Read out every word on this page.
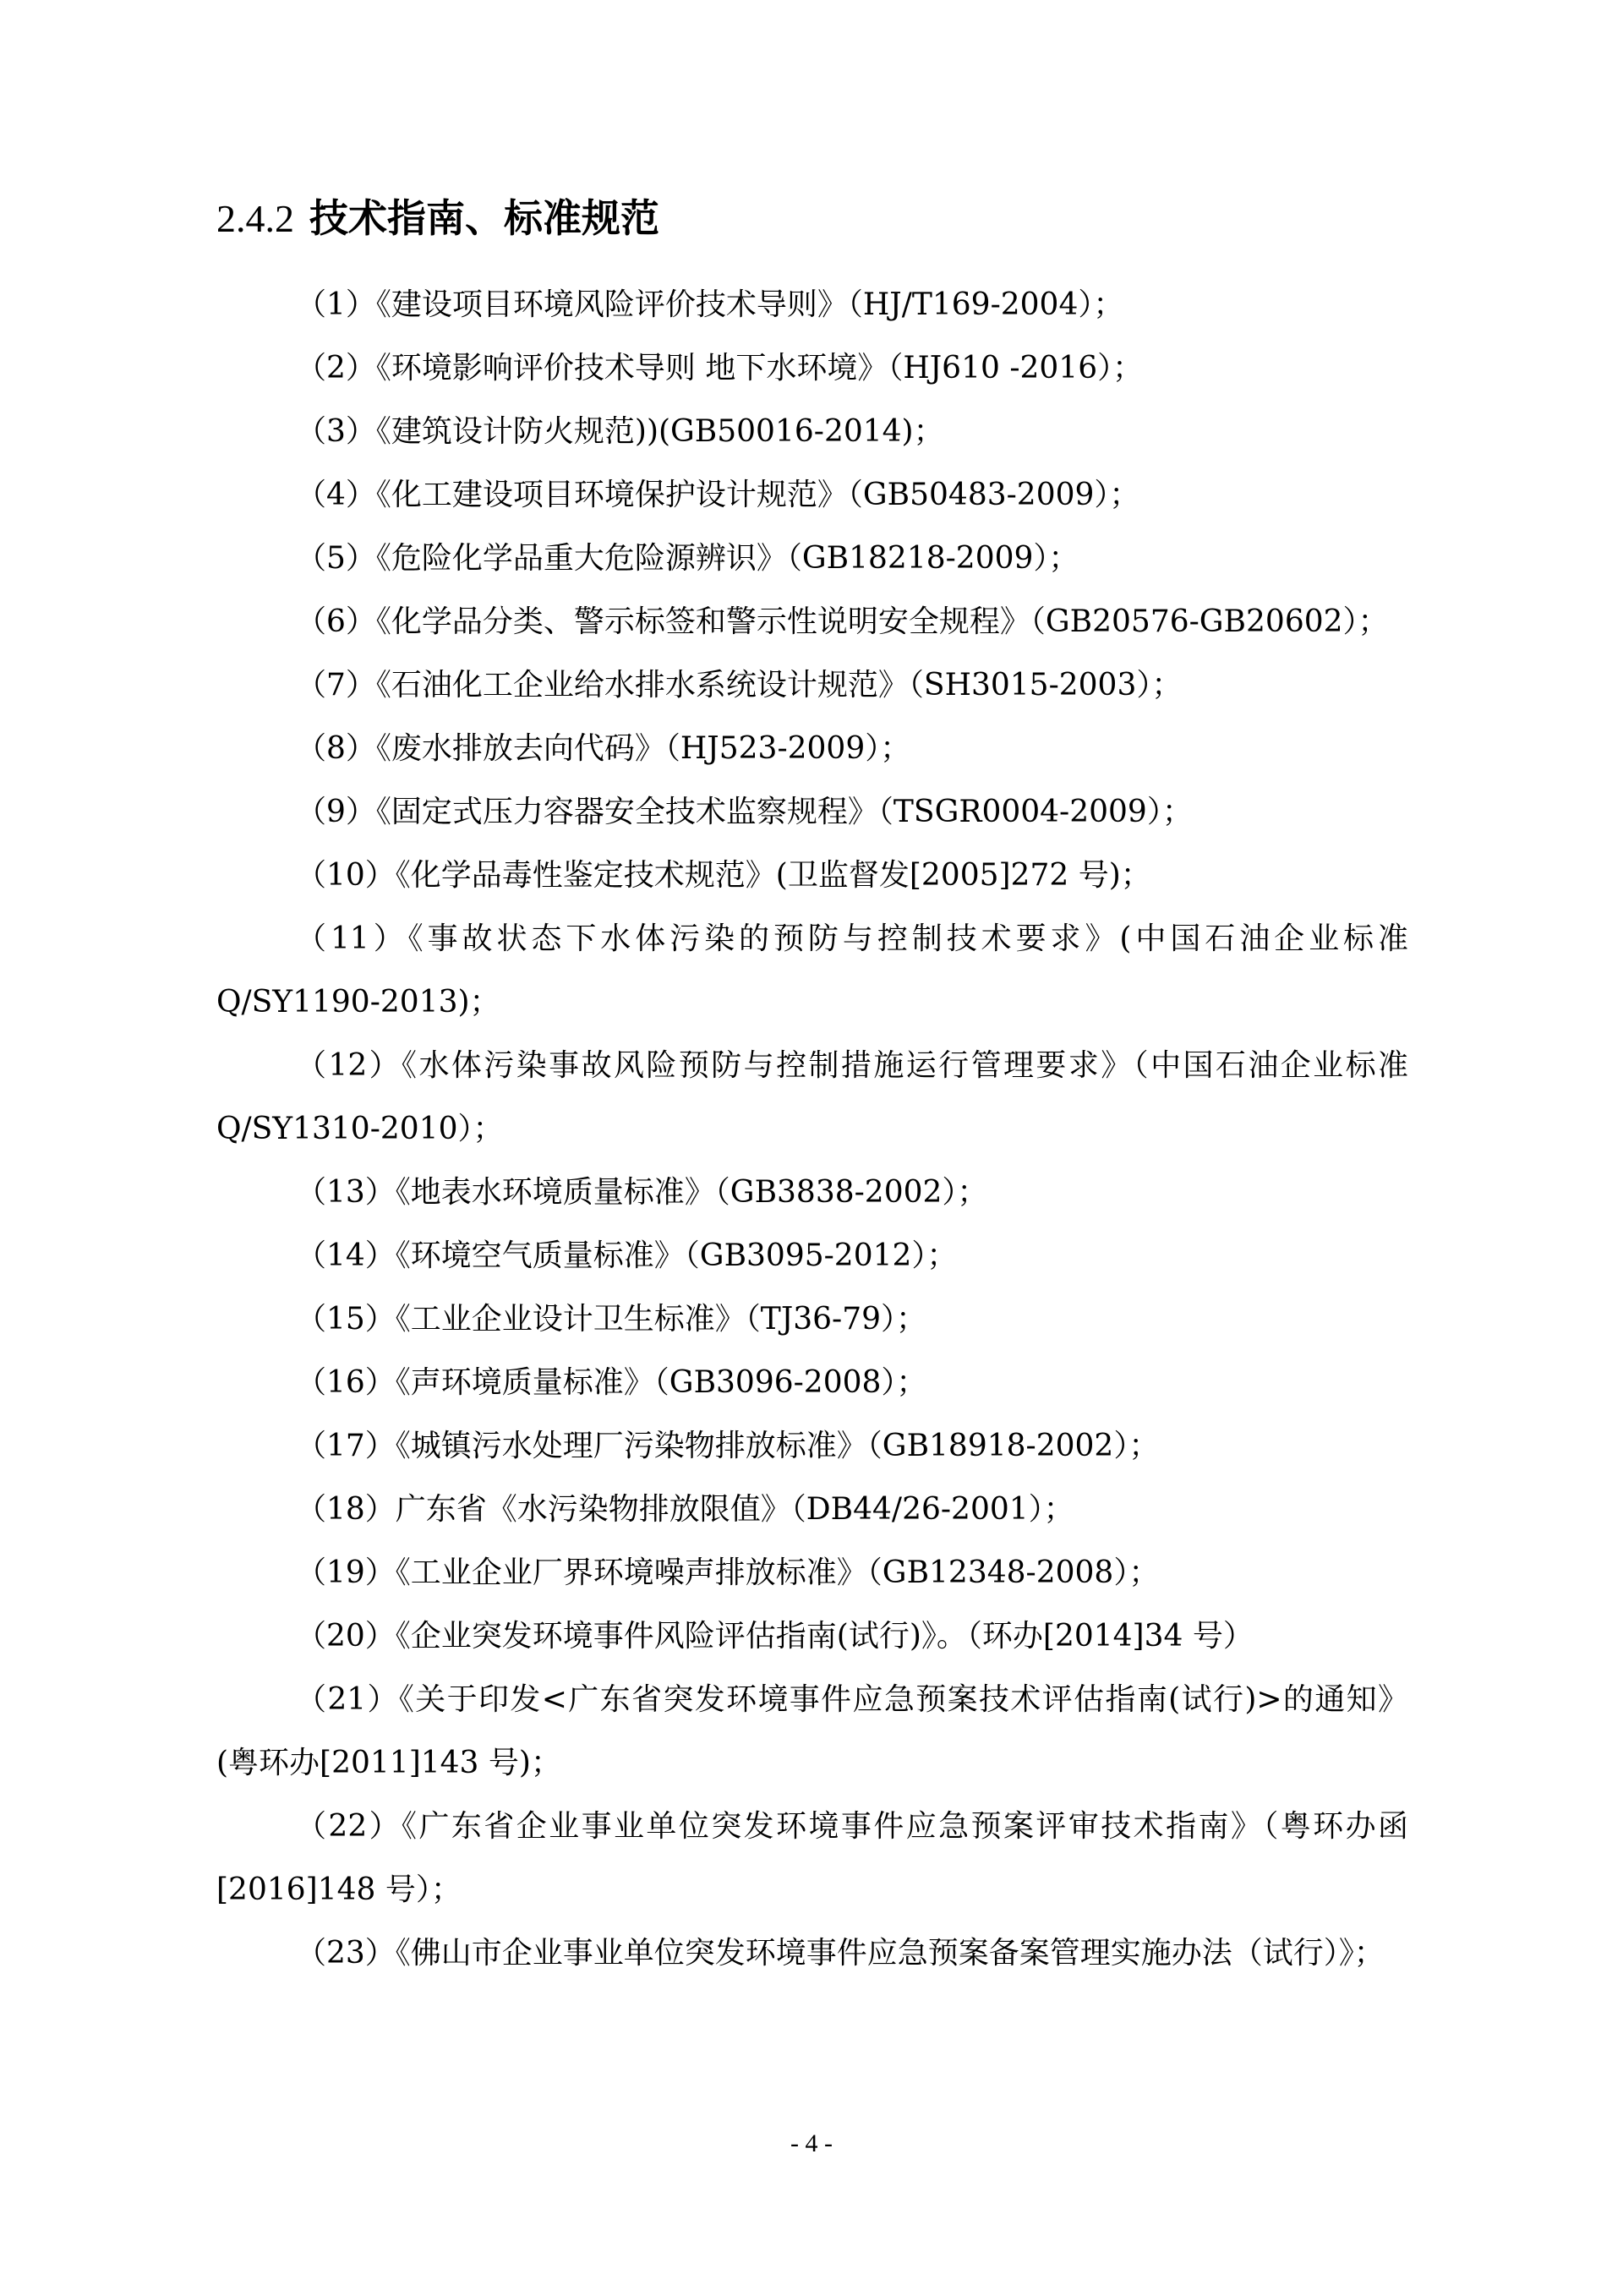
2.4.2 技术指南、标准规范

（1）《建设项目环境风险评价技术导则》（HJ/T169-2004）；

（2）《环境影响评价技术导则 地下水环境》（HJ610 -2016）；

（3）《建筑设计防火规范))(GB50016-2014)；

（4）《化工建设项目环境保护设计规范》（GB50483-2009）；

（5）《危险化学品重大危险源辨识》（GB18218-2009）；

（6）《化学品分类、警示标签和警示性说明安全规程》（GB20576-GB20602）；

（7）《石油化工企业给水排水系统设计规范》（SH3015-2003）；

（8）《废水排放去向代码》（HJ523-2009）；

（9）《固定式压力容器安全技术监察规程》（TSGR0004-2009）；

（10）《化学品毒性鉴定技术规范》(卫监督发[2005]272 号)；

（11）《事故状态下水体污染的预防与控制技术要求》(中国石油企业标准 Q/SY1190-2013)；

（12）《水体污染事故风险预防与控制措施运行管理要求》（中国石油企业标准 Q/SY1310-2010）；

（13）《地表水环境质量标准》（GB3838-2002）；

（14）《环境空气质量标准》（GB3095-2012）；

（15）《工业企业设计卫生标准》（TJ36-79）；

（16）《声环境质量标准》（GB3096-2008）；

（17）《城镇污水处理厂污染物排放标准》（GB18918-2002）；

（18）广东省《水污染物排放限值》（DB44/26-2001）；

（19）《工业企业厂界环境噪声排放标准》（GB12348-2008）；

（20）《企业突发环境事件风险评估指南(试行)》。（环办[2014]34 号）

（21）《关于印发<广东省突发环境事件应急预案技术评估指南(试行)>的通知》(粤环办[2011]143 号)；

（22）《广东省企业事业单位突发环境事件应急预案评审技术指南》（粤环办函[2016]148 号）；

（23）《佛山市企业事业单位突发环境事件应急预案备案管理实施办法（试行）》；

- 4 -
